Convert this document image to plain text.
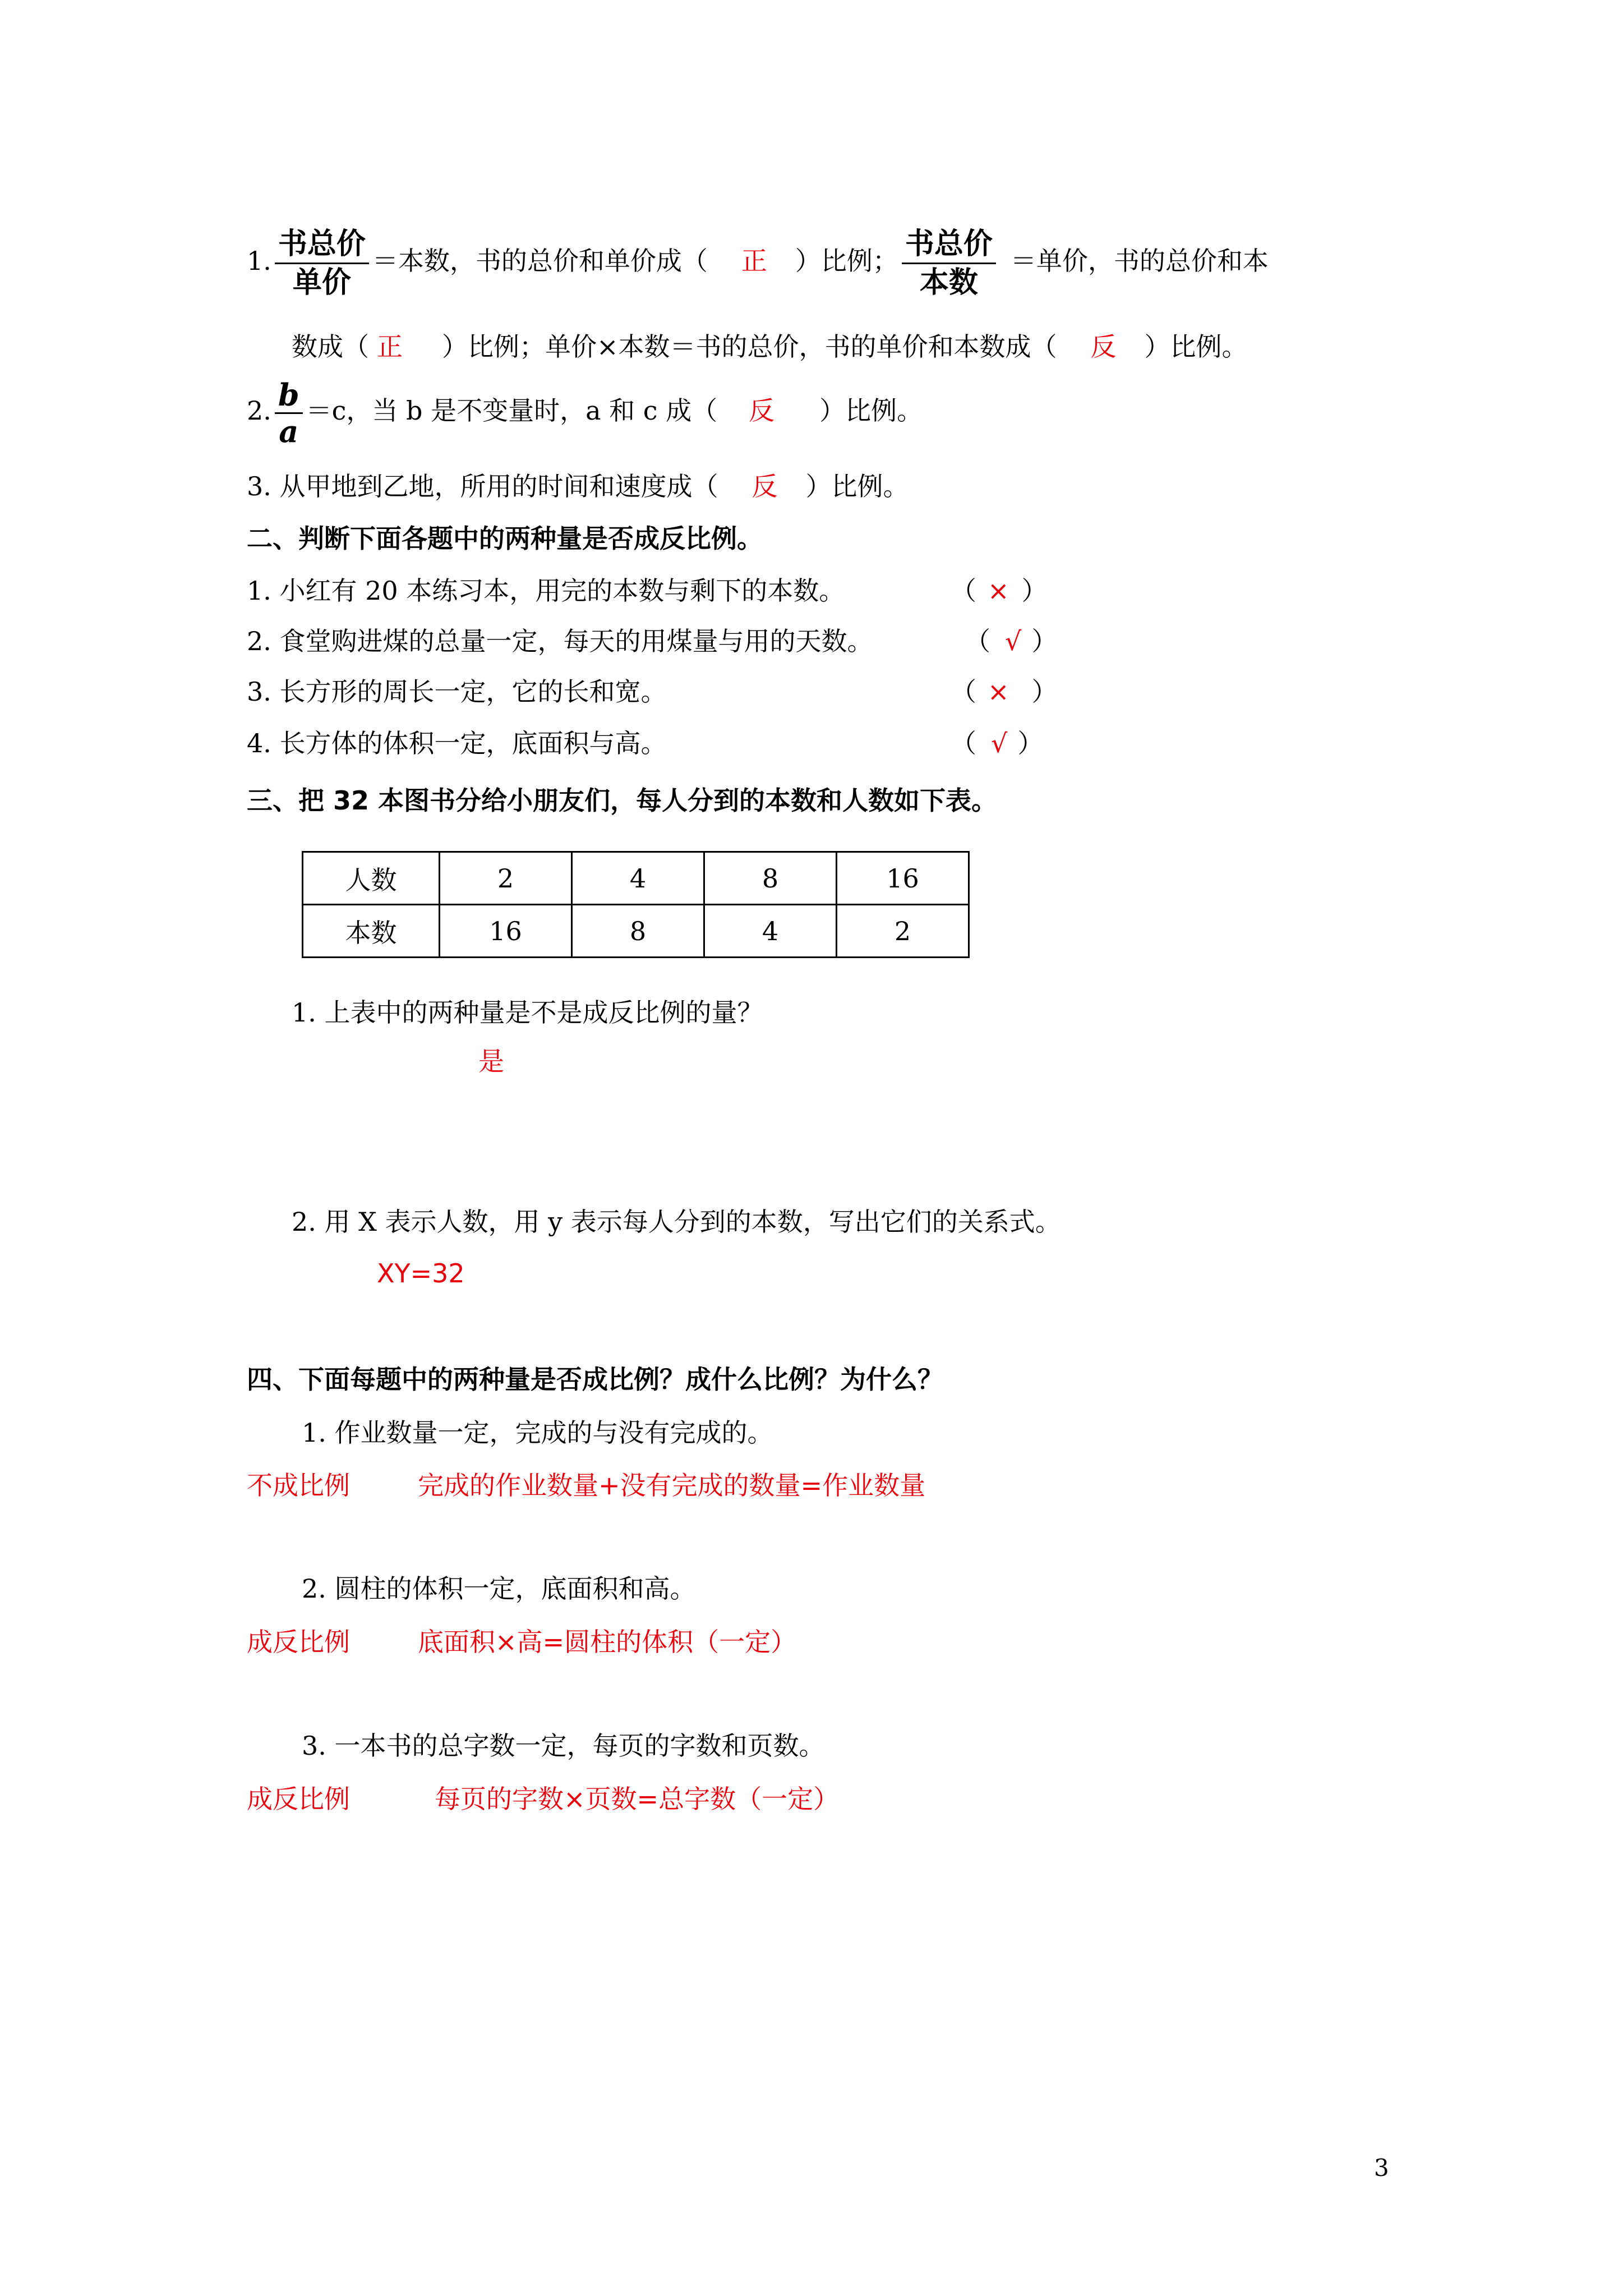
1. $\frac{\text{书总价}}{\text{单价}}$ ＝本数，书的总价和单价成（ 正 ）比例； $\frac{\text{书总价}}{\text{本数}}$ ＝单价，书的总价和本
数成（ 正 ）比例；单价×本数＝书的总价，书的单价和本数成（ 反 ）比例。
2. $\frac{b}{a} =c$，当 b 是不变量时，a 和 c 成（ 反 ）比例。
3. 从甲地到乙地，所用的时间和速度成（ 反 ）比例。
二、判断下面各题中的两种量是否成反比例。
1. 小红有 20 本练习本，用完的本数与剩下的本数。	（ × ）
2. 食堂购进煤的总量一定，每天的用煤量与用的天数。	（ √ ）
3. 长方形的周长一定，它的长和宽。	（ × ）
4. 长方体的体积一定，底面积与高。	（ √ ）
三、把 32 本图书分给小朋友们，每人分到的本数和人数如下表。
人数	2	4	8	16
本数	16	8	4	2
1. 上表中的两种量是不是成反比例的量？
是
2. 用 X 表示人数，用 y 表示每人分到的本数，写出它们的关系式。
XY=32
四、下面每题中的两种量是否成比例？成什么比例？为什么？
1. 作业数量一定，完成的与没有完成的。
不成比例	完成的作业数量+没有完成的数量=作业数量
2. 圆柱的体积一定，底面积和高。
成反比例	底面积×高=圆柱的体积（一定）
3. 一本书的总字数一定，每页的字数和页数。
成反比例	每页的字数×页数=总字数（一定）
3
